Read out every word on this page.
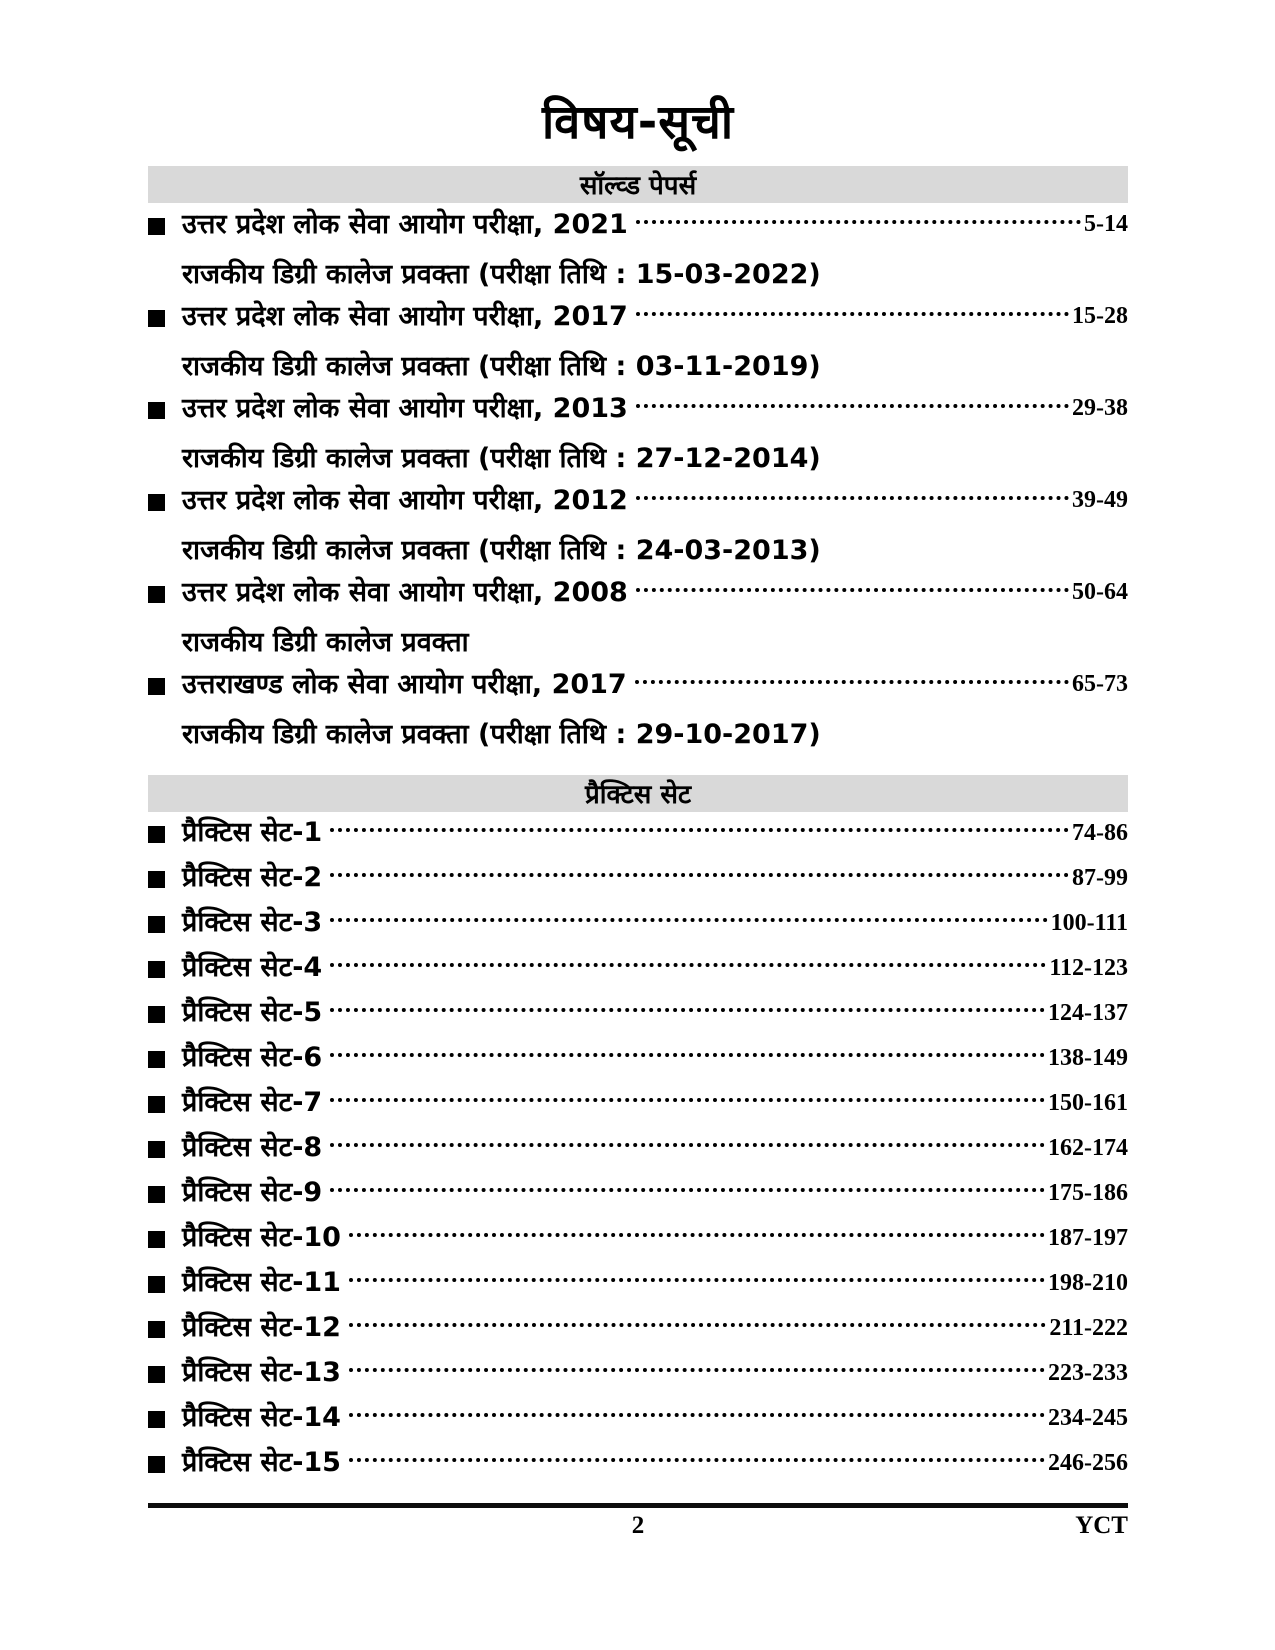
विषय-सूची
सॉल्व्ड पेपर्स
उत्तर प्रदेश लोक सेवा आयोग परीक्षा, 2021	5-14
राजकीय डिग्री कालेज प्रवक्ता (परीक्षा तिथि : 15-03-2022)
उत्तर प्रदेश लोक सेवा आयोग परीक्षा, 2017	15-28
राजकीय डिग्री कालेज प्रवक्ता (परीक्षा तिथि : 03-11-2019)
उत्तर प्रदेश लोक सेवा आयोग परीक्षा, 2013	29-38
राजकीय डिग्री कालेज प्रवक्ता (परीक्षा तिथि : 27-12-2014)
उत्तर प्रदेश लोक सेवा आयोग परीक्षा, 2012	39-49
राजकीय डिग्री कालेज प्रवक्ता (परीक्षा तिथि : 24-03-2013)
उत्तर प्रदेश लोक सेवा आयोग परीक्षा, 2008	50-64
राजकीय डिग्री कालेज प्रवक्ता
उत्तराखण्ड लोक सेवा आयोग परीक्षा, 2017	65-73
राजकीय डिग्री कालेज प्रवक्ता (परीक्षा तिथि : 29-10-2017)
प्रैक्टिस सेट
प्रैक्टिस सेट-1	74-86
प्रैक्टिस सेट-2	87-99
प्रैक्टिस सेट-3	100-111
प्रैक्टिस सेट-4	112-123
प्रैक्टिस सेट-5	124-137
प्रैक्टिस सेट-6	138-149
प्रैक्टिस सेट-7	150-161
प्रैक्टिस सेट-8	162-174
प्रैक्टिस सेट-9	175-186
प्रैक्टिस सेट-10	187-197
प्रैक्टिस सेट-11	198-210
प्रैक्टिस सेट-12	211-222
प्रैक्टिस सेट-13	223-233
प्रैक्टिस सेट-14	234-245
प्रैक्टिस सेट-15	246-256
2	YCT
